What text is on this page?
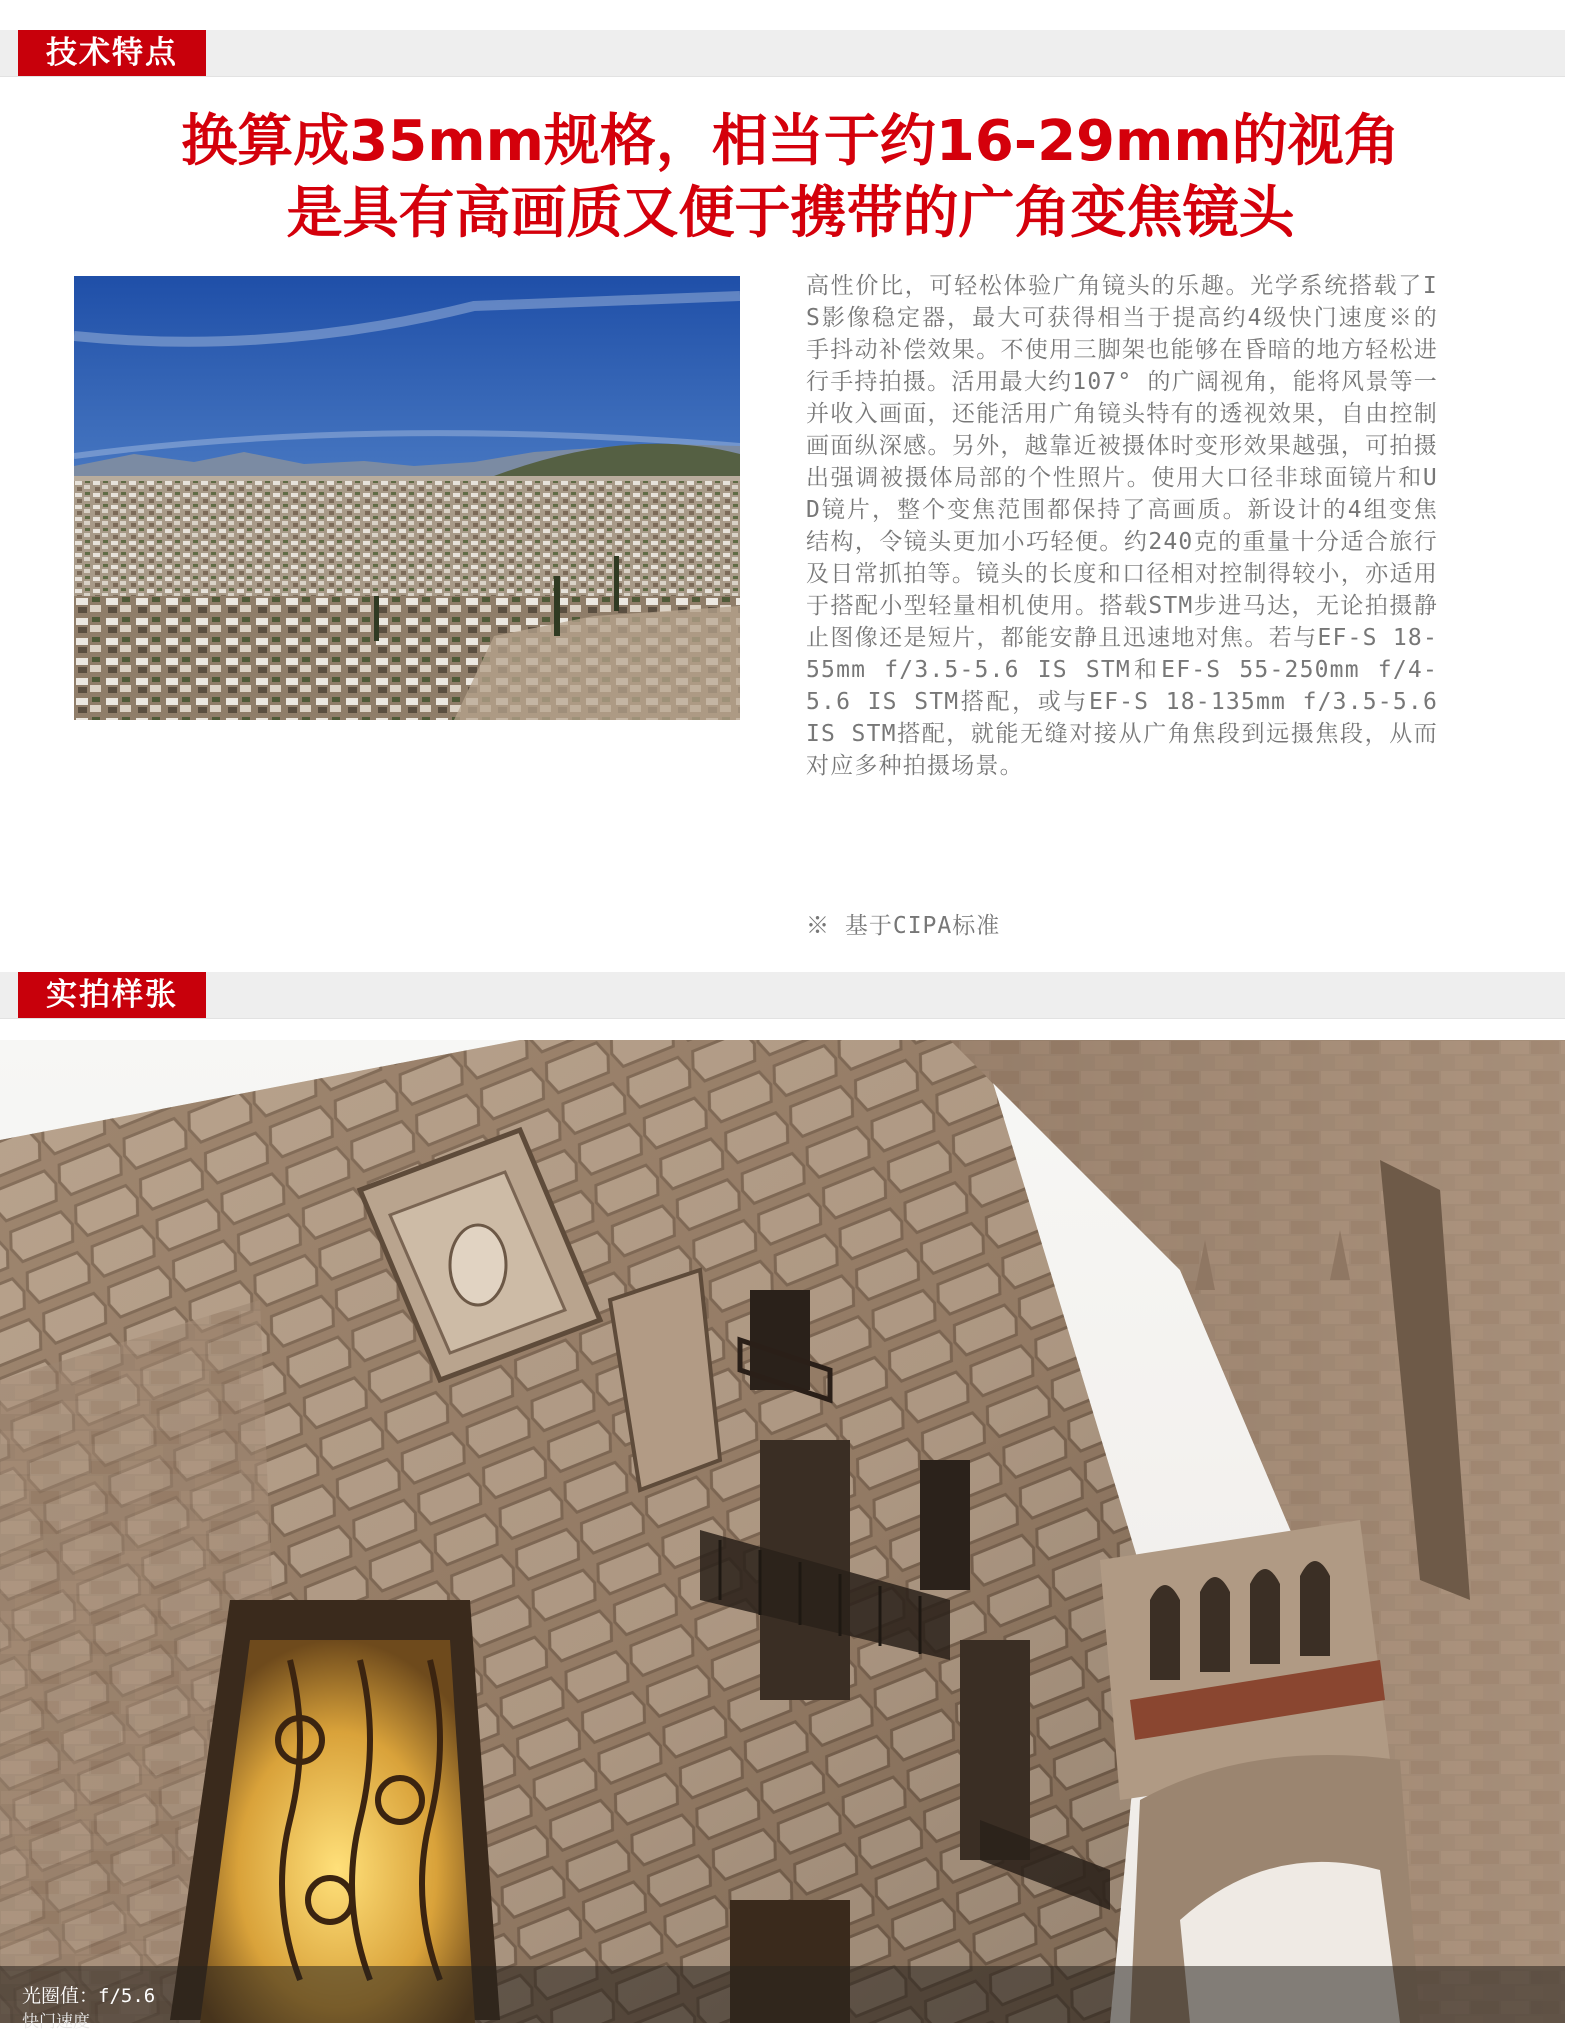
技术特点
换算成35mm规格，相当于约16-29mm的视角
是具有高画质又便于携带的广角变焦镜头
高性价比，可轻松体验广角镜头的乐趣。光学系统搭载了IS影像稳定器，最大可获得相当于提高约4级快门速度※的手抖动补偿效果。不使用三脚架也能够在昏暗的地方轻松进行手持拍摄。活用最大约107° 的广阔视角，能将风景等一并收入画面，还能活用广角镜头特有的透视效果，自由控制画面纵深感。另外，越靠近被摄体时变形效果越强，可拍摄出强调被摄体局部的个性照片。使用大口径非球面镜片和UD镜片，整个变焦范围都保持了高画质。新设计的4组变焦结构，令镜头更加小巧轻便。约240克的重量十分适合旅行及日常抓拍等。镜头的长度和口径相对控制得较小，亦适用于搭配小型轻量相机使用。搭载STM步进马达，无论拍摄静止图像还是短片，都能安静且迅速地对焦。若与EF-S 18-55mm f/3.5-5.6 IS STM和EF-S 55-250mm f/4-5.6 IS STM搭配，或与EF-S 18-135mm f/3.5-5.6 IS STM搭配，就能无缝对接从广角焦段到远摄焦段，从而对应多种拍摄场景。
※ 基于CIPA标准
实拍样张
光圈值：f/5.6
快门速度
